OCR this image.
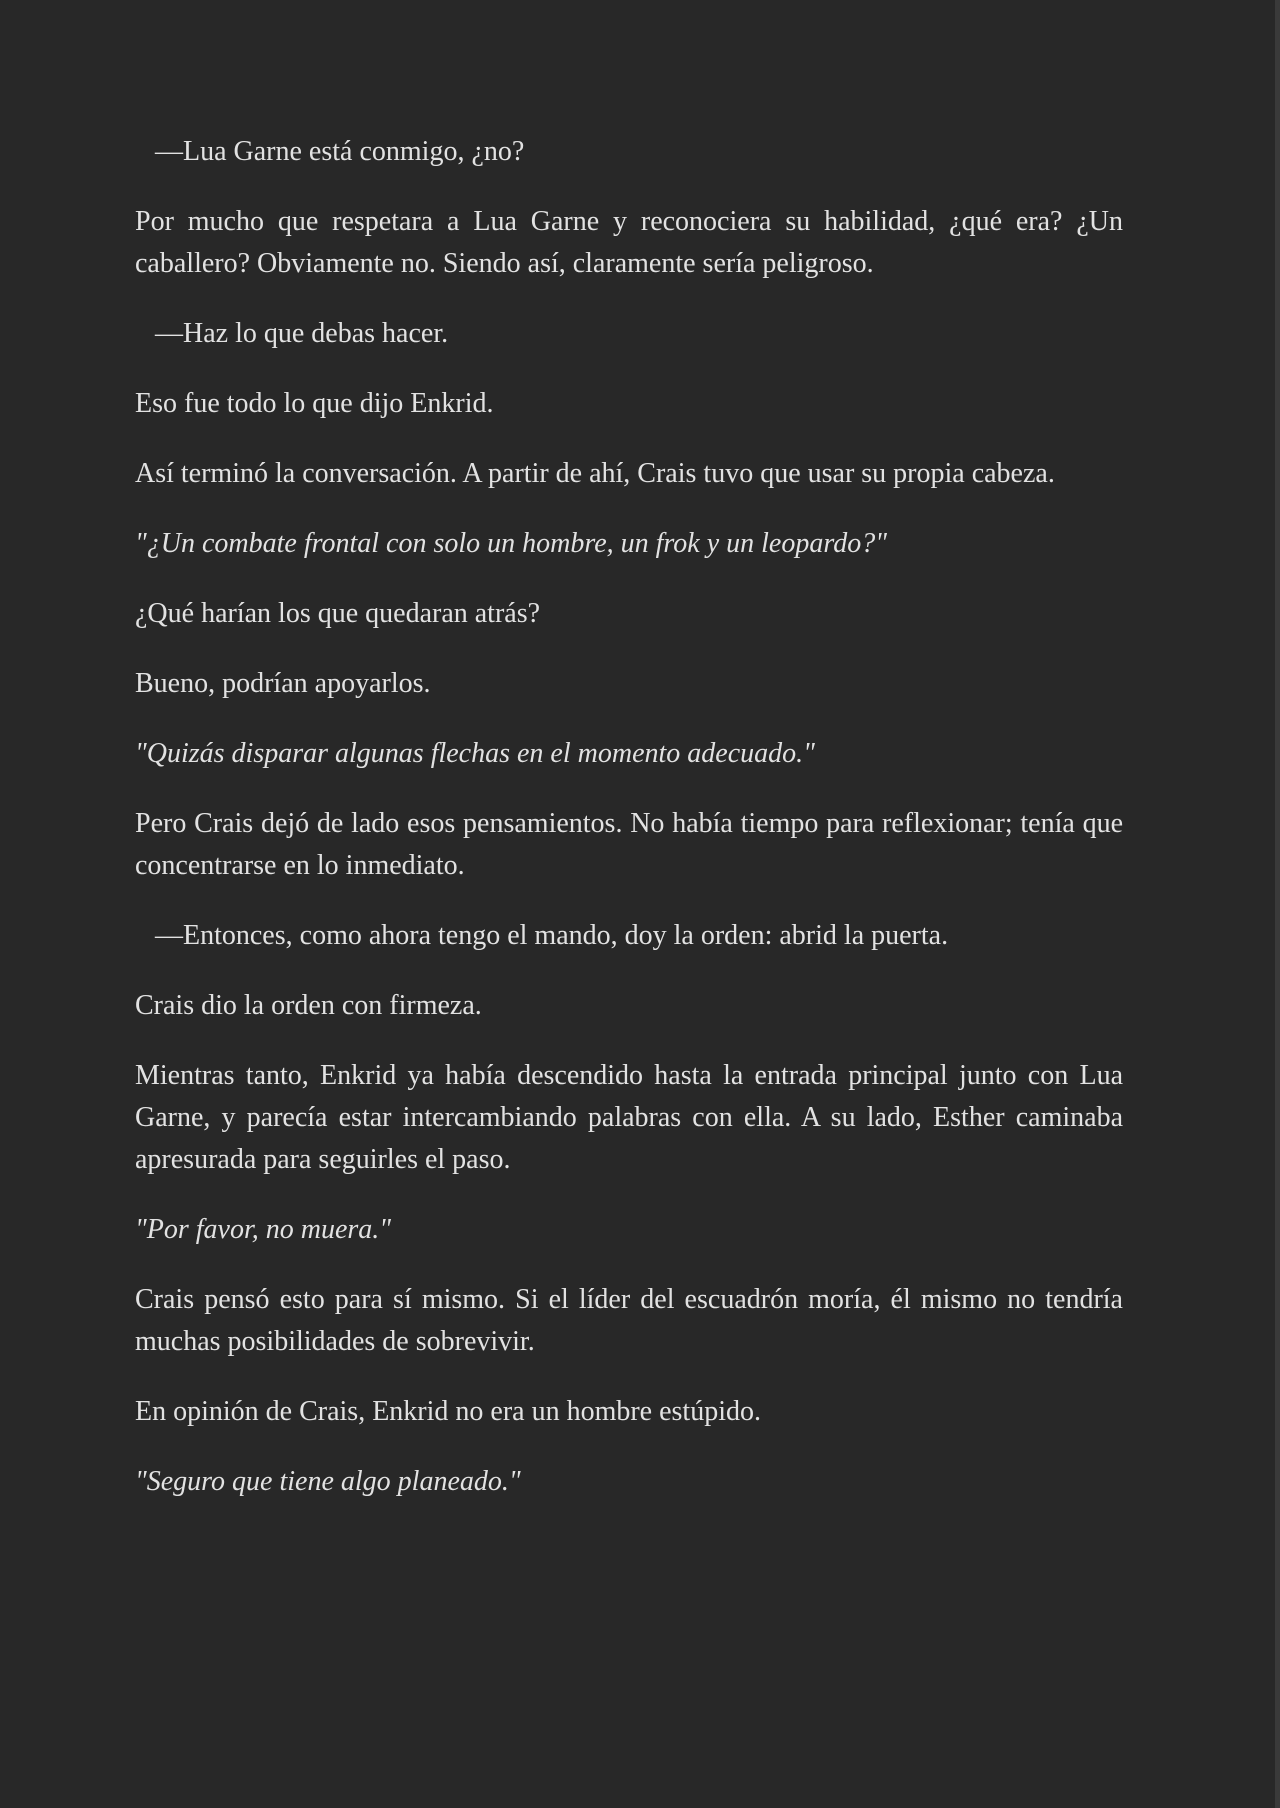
—Lua Garne está conmigo, ¿no?

Por mucho que respetara a Lua Garne y reconociera su habilidad, ¿qué era? ¿Un caballero? Obviamente no. Siendo así, claramente sería peligroso.

—Haz lo que debas hacer.

Eso fue todo lo que dijo Enkrid.

Así terminó la conversación. A partir de ahí, Crais tuvo que usar su propia cabeza.

"¿Un combate frontal con solo un hombre, un frok y un leopardo?"

¿Qué harían los que quedaran atrás?

Bueno, podrían apoyarlos.

"Quizás disparar algunas flechas en el momento adecuado."

Pero Crais dejó de lado esos pensamientos. No había tiempo para reflexionar; tenía que concentrarse en lo inmediato.

—Entonces, como ahora tengo el mando, doy la orden: abrid la puerta.

Crais dio la orden con firmeza.

Mientras tanto, Enkrid ya había descendido hasta la entrada principal junto con Lua Garne, y parecía estar intercambiando palabras con ella. A su lado, Esther caminaba apresurada para seguirles el paso.

"Por favor, no muera."

Crais pensó esto para sí mismo. Si el líder del escuadrón moría, él mismo no tendría muchas posibilidades de sobrevivir.

En opinión de Crais, Enkrid no era un hombre estúpido.

"Seguro que tiene algo planeado."
